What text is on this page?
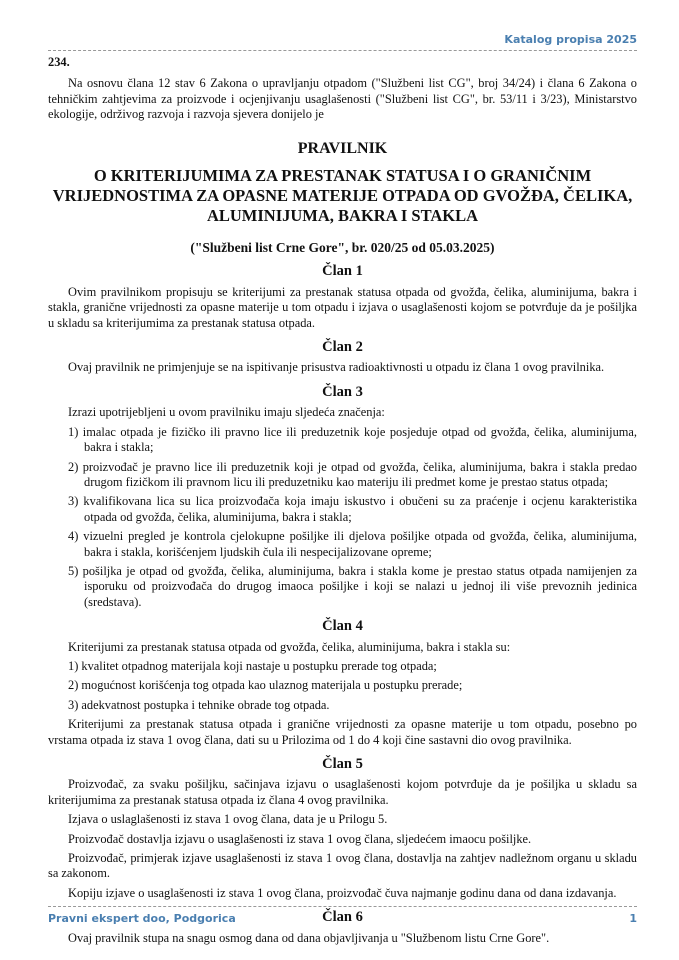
Katalog propisa 2025
234.

Na osnovu člana 12 stav 6 Zakona o upravljanju otpadom ("Službeni list CG", broj 34/24) i člana 6 Zakona o tehničkim zahtjevima za proizvode i ocjenjivanju usaglašenosti ("Službeni list CG", br. 53/11 i 3/23), Ministarstvo ekologije, održivog razvoja i razvoja sjevera donijelo je

PRAVILNIK
O KRITERIJUMIMA ZA PRESTANAK STATUSA I O GRANIČNIM VRIJEDNOSTIMA ZA OPASNE MATERIJE OTPADA OD GVOŽĐA, ČELIKA, ALUMINIJUMA, BAKRA I STAKLA
("Službeni list Crne Gore", br. 020/25 od 05.03.2025)
Član 1

Ovim pravilnikom propisuju se kriterijumi za prestanak statusa otpada od gvožđa, čelika, aluminijuma, bakra i stakla, granične vrijednosti za opasne materije u tom otpadu i izjava o usaglašenosti kojom se potvrđuje da je pošiljka u skladu sa kriterijumima za prestanak statusa otpada.

Član 2

Ovaj pravilnik ne primjenjuje se na ispitivanje prisustva radioaktivnosti u otpadu iz člana 1 ovog pravilnika.

Član 3

Izrazi upotrijebljeni u ovom pravilniku imaju sljedeća značenja:

1) imalac otpada je fizičko ili pravno lice ili preduzetnik koje posjeduje otpad od gvožđa, čelika, aluminijuma, bakra i stakla;
2) proizvođač je pravno lice ili preduzetnik koji je otpad od gvožđa, čelika, aluminijuma, bakra i stakla predao drugom fizičkom ili pravnom licu ili preduzetniku kao materiju ili predmet kome je prestao status otpada;
3) kvalifikovana lica su lica proizvođača koja imaju iskustvo i obučeni su za praćenje i ocjenu karakteristika otpada od gvožđa, čelika, aluminijuma, bakra i stakla;
4) vizuelni pregled je kontrola cjelokupne pošiljke ili djelova pošiljke otpada od gvožđa, čelika, aluminijuma, bakra i stakla, korišćenjem ljudskih čula ili nespecijalizovane opreme;
5) pošiljka je otpad od gvožđa, čelika, aluminijuma, bakra i stakla kome je prestao status otpada namijenjen za isporuku od proizvođača do drugog imaoca pošiljke i koji se nalazi u jednoj ili više prevoznih jedinica (sredstava).
Član 4

Kriterijumi za prestanak statusa otpada od gvožđa, čelika, aluminijuma, bakra i stakla su:

1) kvalitet otpadnog materijala koji nastaje u postupku prerade tog otpada;
2) mogućnost korišćenja tog otpada kao ulaznog materijala u postupku prerade;
3) adekvatnost postupka i tehnike obrade tog otpada.

Kriterijumi za prestanak statusa otpada i granične vrijednosti za opasne materije u tom otpadu, posebno po vrstama otpada iz stava 1 ovog člana, dati su u Prilozima od 1 do 4 koji čine sastavni dio ovog pravilnika.

Član 5

Proizvođač, za svaku pošiljku, sačinjava izjavu o usaglašenosti kojom potvrđuje da je pošiljka u skladu sa kriterijumima za prestanak statusa otpada iz člana 4 ovog pravilnika.

Izjava o uslaglašenosti iz stava 1 ovog člana, data je u Prilogu 5.

Proizvođač dostavlja izjavu o usaglašenosti iz stava 1 ovog člana, sljedećem imaocu pošiljke.

Proizvođač, primjerak izjave usaglašenosti iz stava 1 ovog člana, dostavlja na zahtjev nadležnom organu u skladu sa zakonom.

Kopiju izjave o usaglašenosti iz stava 1 ovog člana, proizvođač čuva najmanje godinu dana od dana izdavanja.

Član 6

Ovaj pravilnik stupa na snagu osmog dana od dana objavljivanja u "Službenom listu Crne Gore".

Pravni ekspert doo, Podgorica	1
